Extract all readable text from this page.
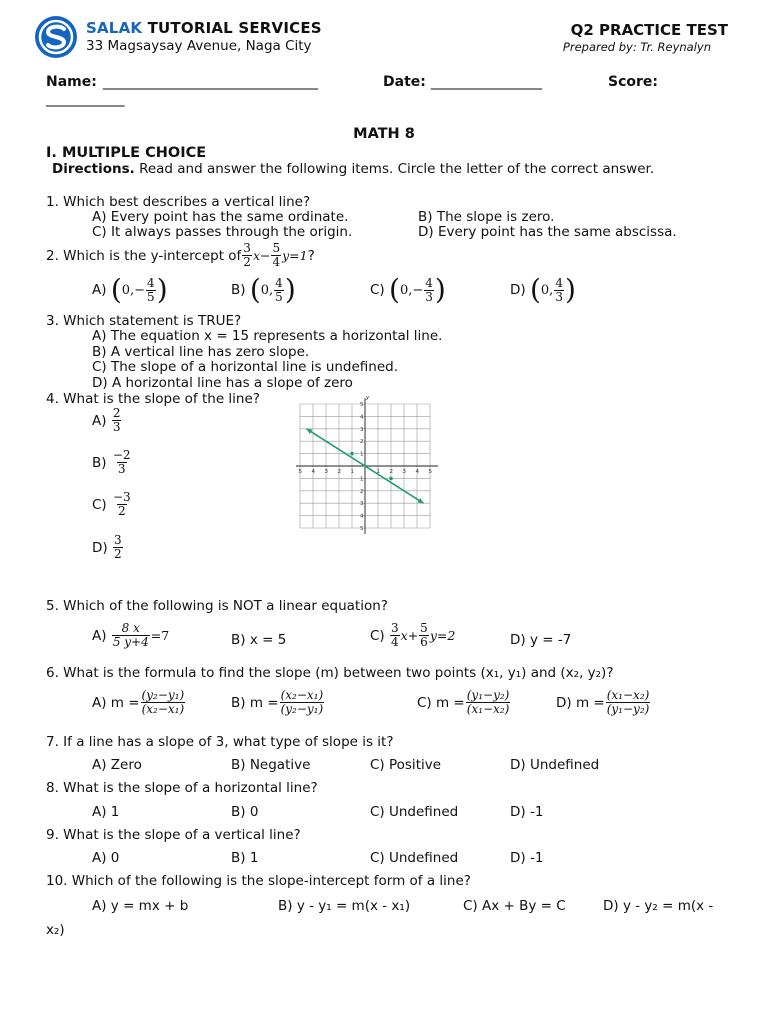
SALAK TUTORIAL SERVICES
33 Magsaysay Avenue, Naga City
Q2 PRACTICE TEST
Prepared by: Tr. Reynalyn
Name: _________________________________	Date: _________________	Score:
____________
MATH 8
I. MULTIPLE CHOICE
Directions. Read and answer the following items. Circle the letter of the correct answer.
1. Which best describes a vertical line?
A) Every point has the same ordinate.	B) The slope is zero.
C) It always passes through the origin.	D) Every point has the same abscissa.
2. Which is the y-intercept of $\frac{3}{2} x- \frac{5}{4} y=1$ ?
A)
( $0,- \frac{4}{5}$ )	B)
( 0, $\frac{4}{5}$ )	C)
( $0,- \frac{4}{3}$ )	D)
( 0, $\frac{4}{3}$ )
3. Which statement is TRUE?
A) The equation x = 15 represents a horizontal line.
B) A vertical line has zero slope.
C) The slope of a horizontal line is undefined.
D) A horizontal line has a slope of zero
4. What is the slope of the line?
A)
$\frac{2}{3}$
B)
$\frac{-2}{3}$
C)
$\frac{-3}{2}$
D)
$\frac{3}{2}$
y
5 4 3 2 1	1 2 3 4 5
5
4
3
2
1
1
2
3
4
5
5. Which of the following is NOT a linear equation?
A)
$\frac{8 x}{5 y+4} =7$	B) x = 5	C)
$\frac{3}{4} x+ \frac{5}{6} y=2$	D) y = -7
6. What is the formula to find the slope (m) between two points (x₁, y₁) and (x₂, y₂)?
A) $m = \frac{\text{(y₂−y₁)}}{\text{(x₂−x₁)}}$	B) $m = \frac{\text{(x₂−x₁)}}{\text{(y₂−y₁)}}$	C) $m = \frac{\text{(y₁−y₂)}}{\text{(x₁−x₂)}}$	D) $m = \frac{\text{(x₁−x₂)}}{\text{(y₁−y₂)}}$
7. If a line has a slope of 3, what type of slope is it?
A) Zero	B) Negative	C) Positive	D) Undefined
8. What is the slope of a horizontal line?
A) 1	B) 0	C) Undefined	D) -1
9. What is the slope of a vertical line?
A) 0	B) 1	C) Undefined	D) -1
10. Which of the following is the slope-intercept form of a line?
A) y = mx + b	B) y - y₁ = m(x - x₁)	C) Ax + By = C	D) y - y₂ = m(x -
x₂)
